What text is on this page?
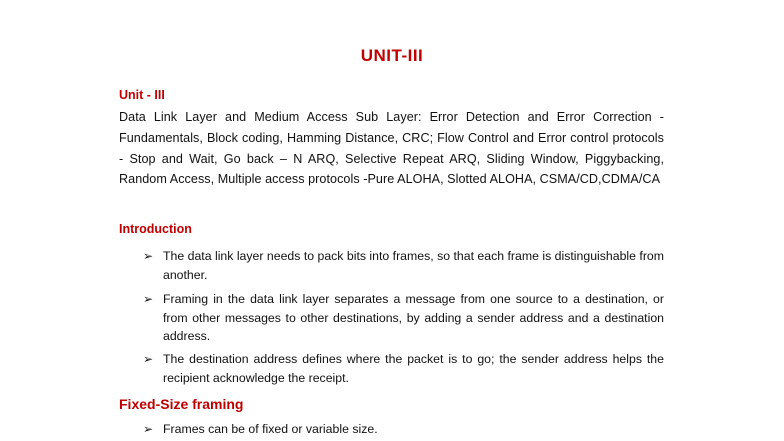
UNIT-III
Unit - III
Data Link Layer and Medium Access Sub Layer: Error Detection and Error Correction - Fundamentals, Block coding, Hamming Distance, CRC; Flow Control and Error control protocols - Stop and Wait, Go back – N ARQ, Selective Repeat ARQ, Sliding Window, Piggybacking, Random Access, Multiple access protocols -Pure ALOHA, Slotted ALOHA, CSMA/CD,CDMA/CA
Introduction
➢ The data link layer needs to pack bits into frames, so that each frame is distinguishable from another.
➢ Framing in the data link layer separates a message from one source to a destination, or from other messages to other destinations, by adding a sender address and a destination address.
➢ The destination address defines where the packet is to go; the sender address helps the recipient acknowledge the receipt.
Fixed-Size framing
➢ Frames can be of fixed or variable size.
